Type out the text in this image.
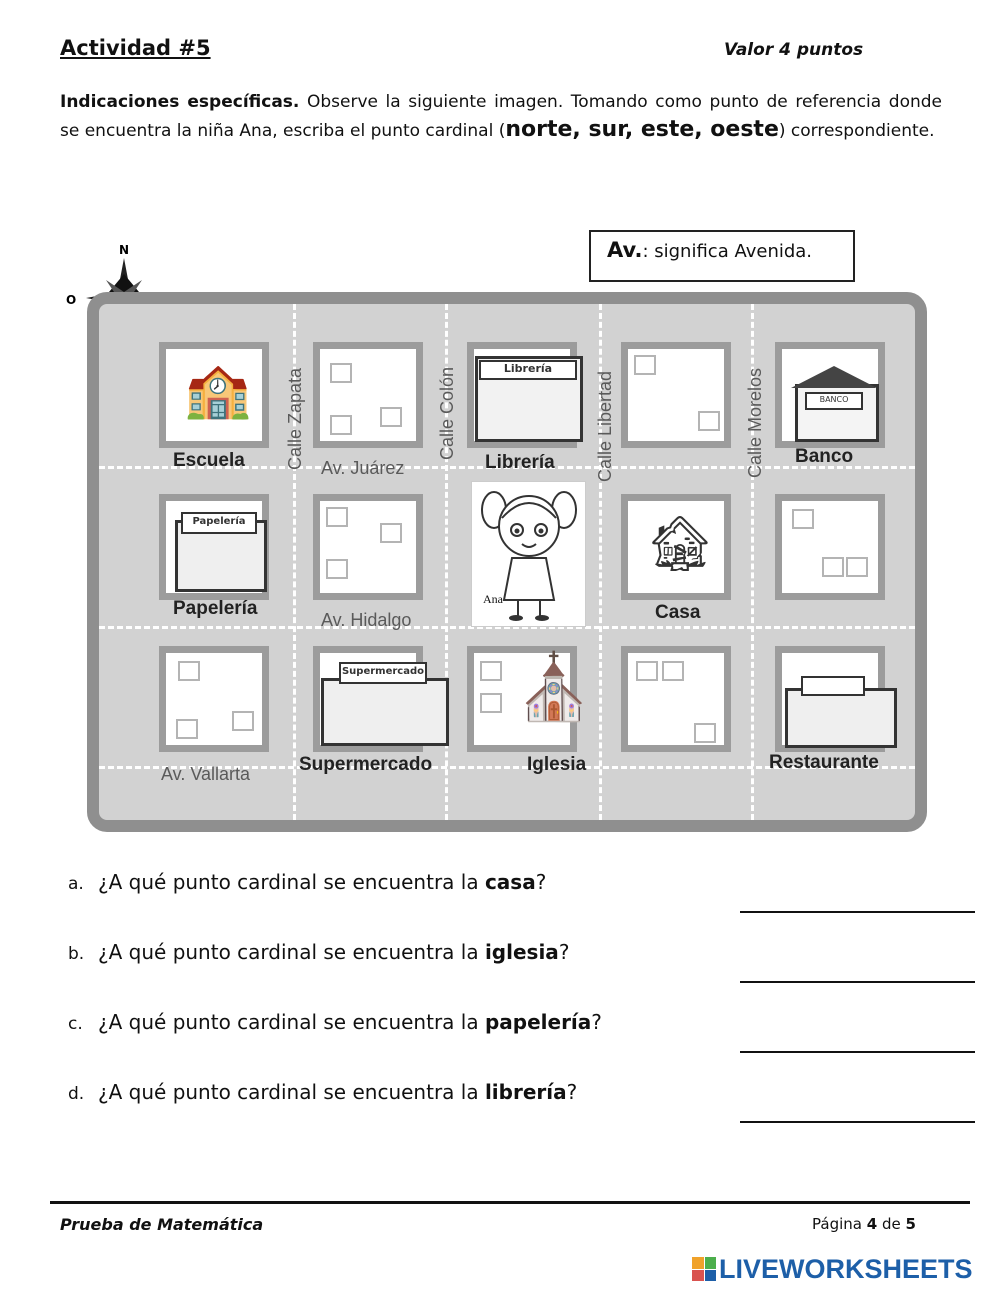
Actividad #5	Valor 4 puntos
Indicaciones específicas. Observe la siguiente imagen. Tomando como punto de referencia donde se encuentra la niña Ana, escriba el punto cardinal (norte, sur, este, oeste) correspondiente.
Av.: significa Avenida.
N
O
🏫	Librería
BANCO
Papelería	🏚
Supermercado ⛪
Escuela	Librería	Banco
Papelería	Casa
Supermercado	Iglesia	Restaurante
Av. Juárez
Av. Hidalgo
Av. Vallarta
Calle Zapata	Calle Colón	Calle Libertad	Calle Morelos
Ana
a. ¿A qué punto cardinal se encuentra la casa?
b. ¿A qué punto cardinal se encuentra la iglesia?
c. ¿A qué punto cardinal se encuentra la papelería?
d. ¿A qué punto cardinal se encuentra la librería?
Prueba de Matemática	Página 4 de 5
LIVEWORKSHEETS
